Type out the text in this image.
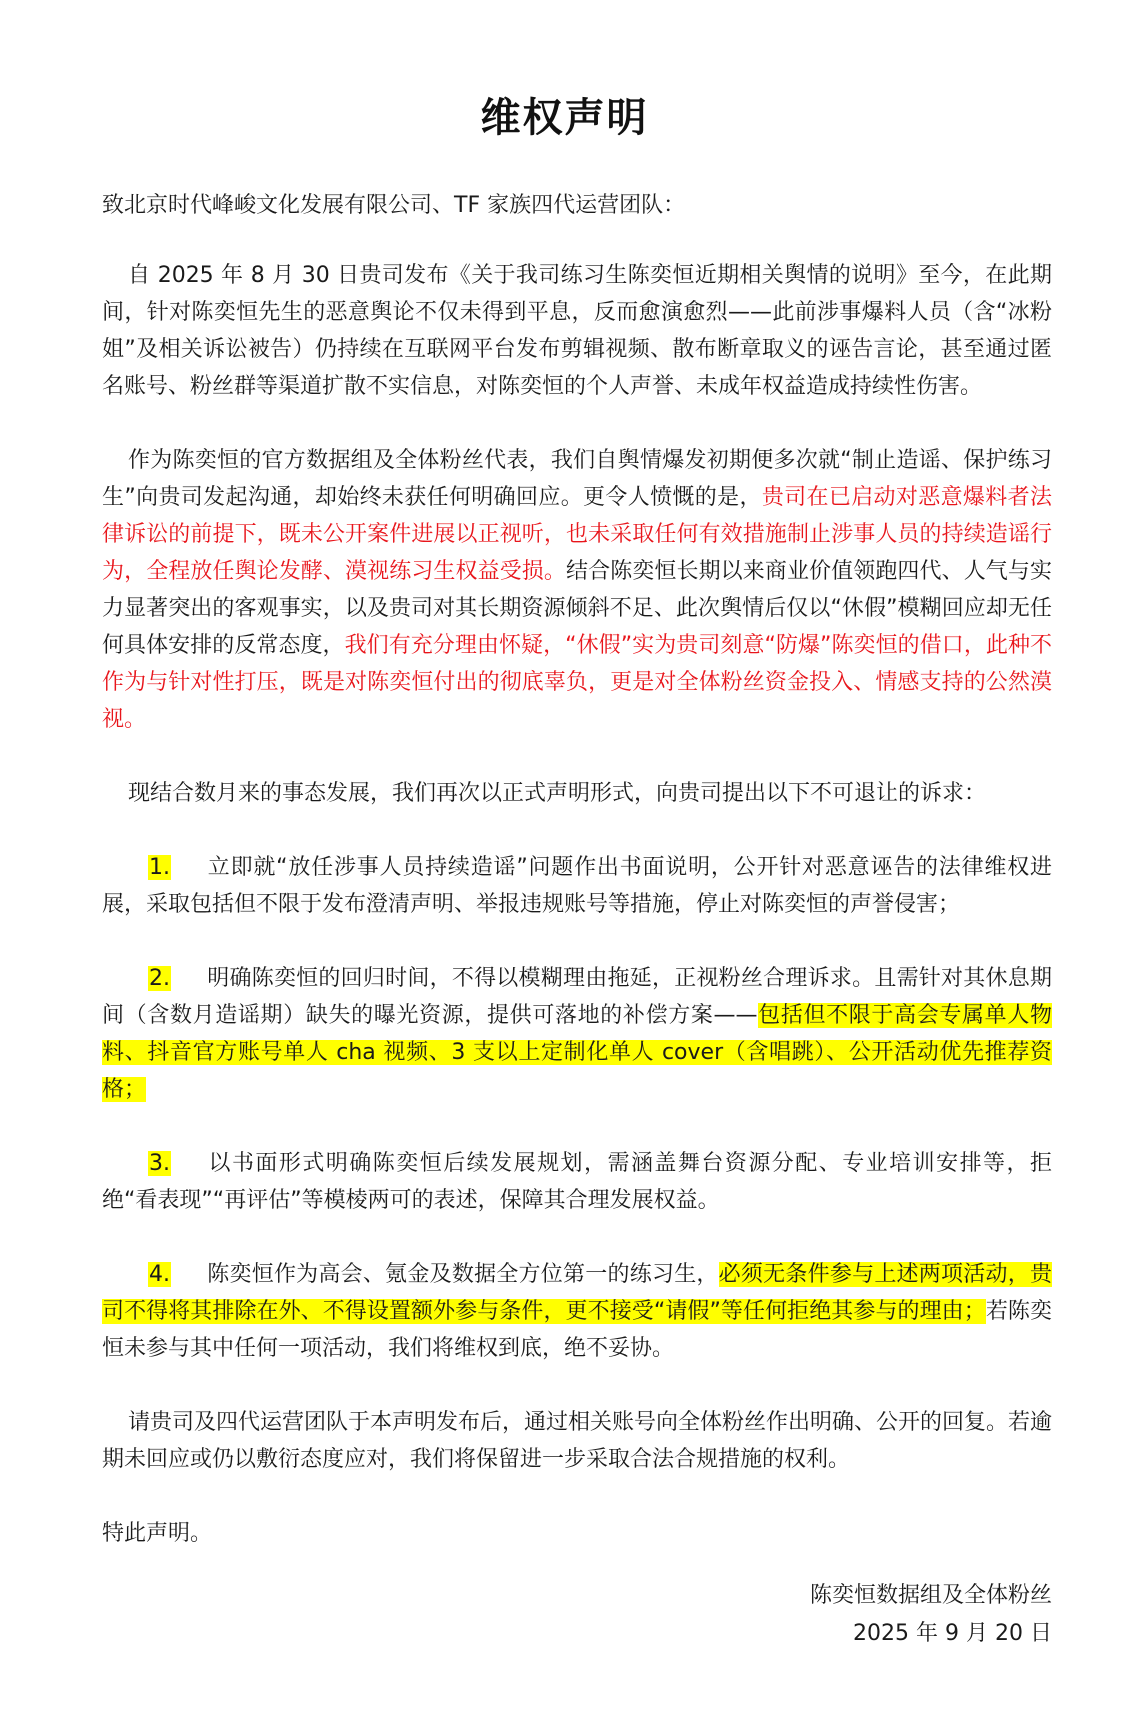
维权声明

致北京时代峰峻文化发展有限公司、TF 家族四代运营团队：

自 2025 年 8 月 30 日贵司发布《关于我司练习生陈奕恒近期相关舆情的说明》至今，在此期间，针对陈奕恒先生的恶意舆论不仅未得到平息，反而愈演愈烈——此前涉事爆料人员（含“冰粉姐”及相关诉讼被告）仍持续在互联网平台发布剪辑视频、散布断章取义的诬告言论，甚至通过匿名账号、粉丝群等渠道扩散不实信息，对陈奕恒的个人声誉、未成年权益造成持续性伤害。

作为陈奕恒的官方数据组及全体粉丝代表，我们自舆情爆发初期便多次就“制止造谣、保护练习生”向贵司发起沟通，却始终未获任何明确回应。更令人愤慨的是，贵司在已启动对恶意爆料者法律诉讼的前提下，既未公开案件进展以正视听，也未采取任何有效措施制止涉事人员的持续造谣行为，全程放任舆论发酵、漠视练习生权益受损。结合陈奕恒长期以来商业价值领跑四代、人气与实力显著突出的客观事实，以及贵司对其长期资源倾斜不足、此次舆情后仅以“休假”模糊回应却无任何具体安排的反常态度，我们有充分理由怀疑，“休假”实为贵司刻意“防爆”陈奕恒的借口，此种不作为与针对性打压，既是对陈奕恒付出的彻底辜负，更是对全体粉丝资金投入、情感支持的公然漠视。

现结合数月来的事态发展，我们再次以正式声明形式，向贵司提出以下不可退让的诉求：

1. 立即就“放任涉事人员持续造谣”问题作出书面说明，公开针对恶意诬告的法律维权进展，采取包括但不限于发布澄清声明、举报违规账号等措施，停止对陈奕恒的声誉侵害；

2. 明确陈奕恒的回归时间，不得以模糊理由拖延，正视粉丝合理诉求。且需针对其休息期间（含数月造谣期）缺失的曝光资源，提供可落地的补偿方案——包括但不限于高会专属单人物料、抖音官方账号单人 cha 视频、3 支以上定制化单人 cover（含唱跳）、公开活动优先推荐资格；

3. 以书面形式明确陈奕恒后续发展规划，需涵盖舞台资源分配、专业培训安排等，拒绝“看表现”“再评估”等模棱两可的表述，保障其合理发展权益。

4. 陈奕恒作为高会、氪金及数据全方位第一的练习生，必须无条件参与上述两项活动，贵司不得将其排除在外、不得设置额外参与条件，更不接受“请假”等任何拒绝其参与的理由；若陈奕恒未参与其中任何一项活动，我们将维权到底，绝不妥协。

请贵司及四代运营团队于本声明发布后，通过相关账号向全体粉丝作出明确、公开的回复。若逾期未回应或仍以敷衍态度应对，我们将保留进一步采取合法合规措施的权利。

特此声明。

陈奕恒数据组及全体粉丝
2025 年 9 月 20 日
